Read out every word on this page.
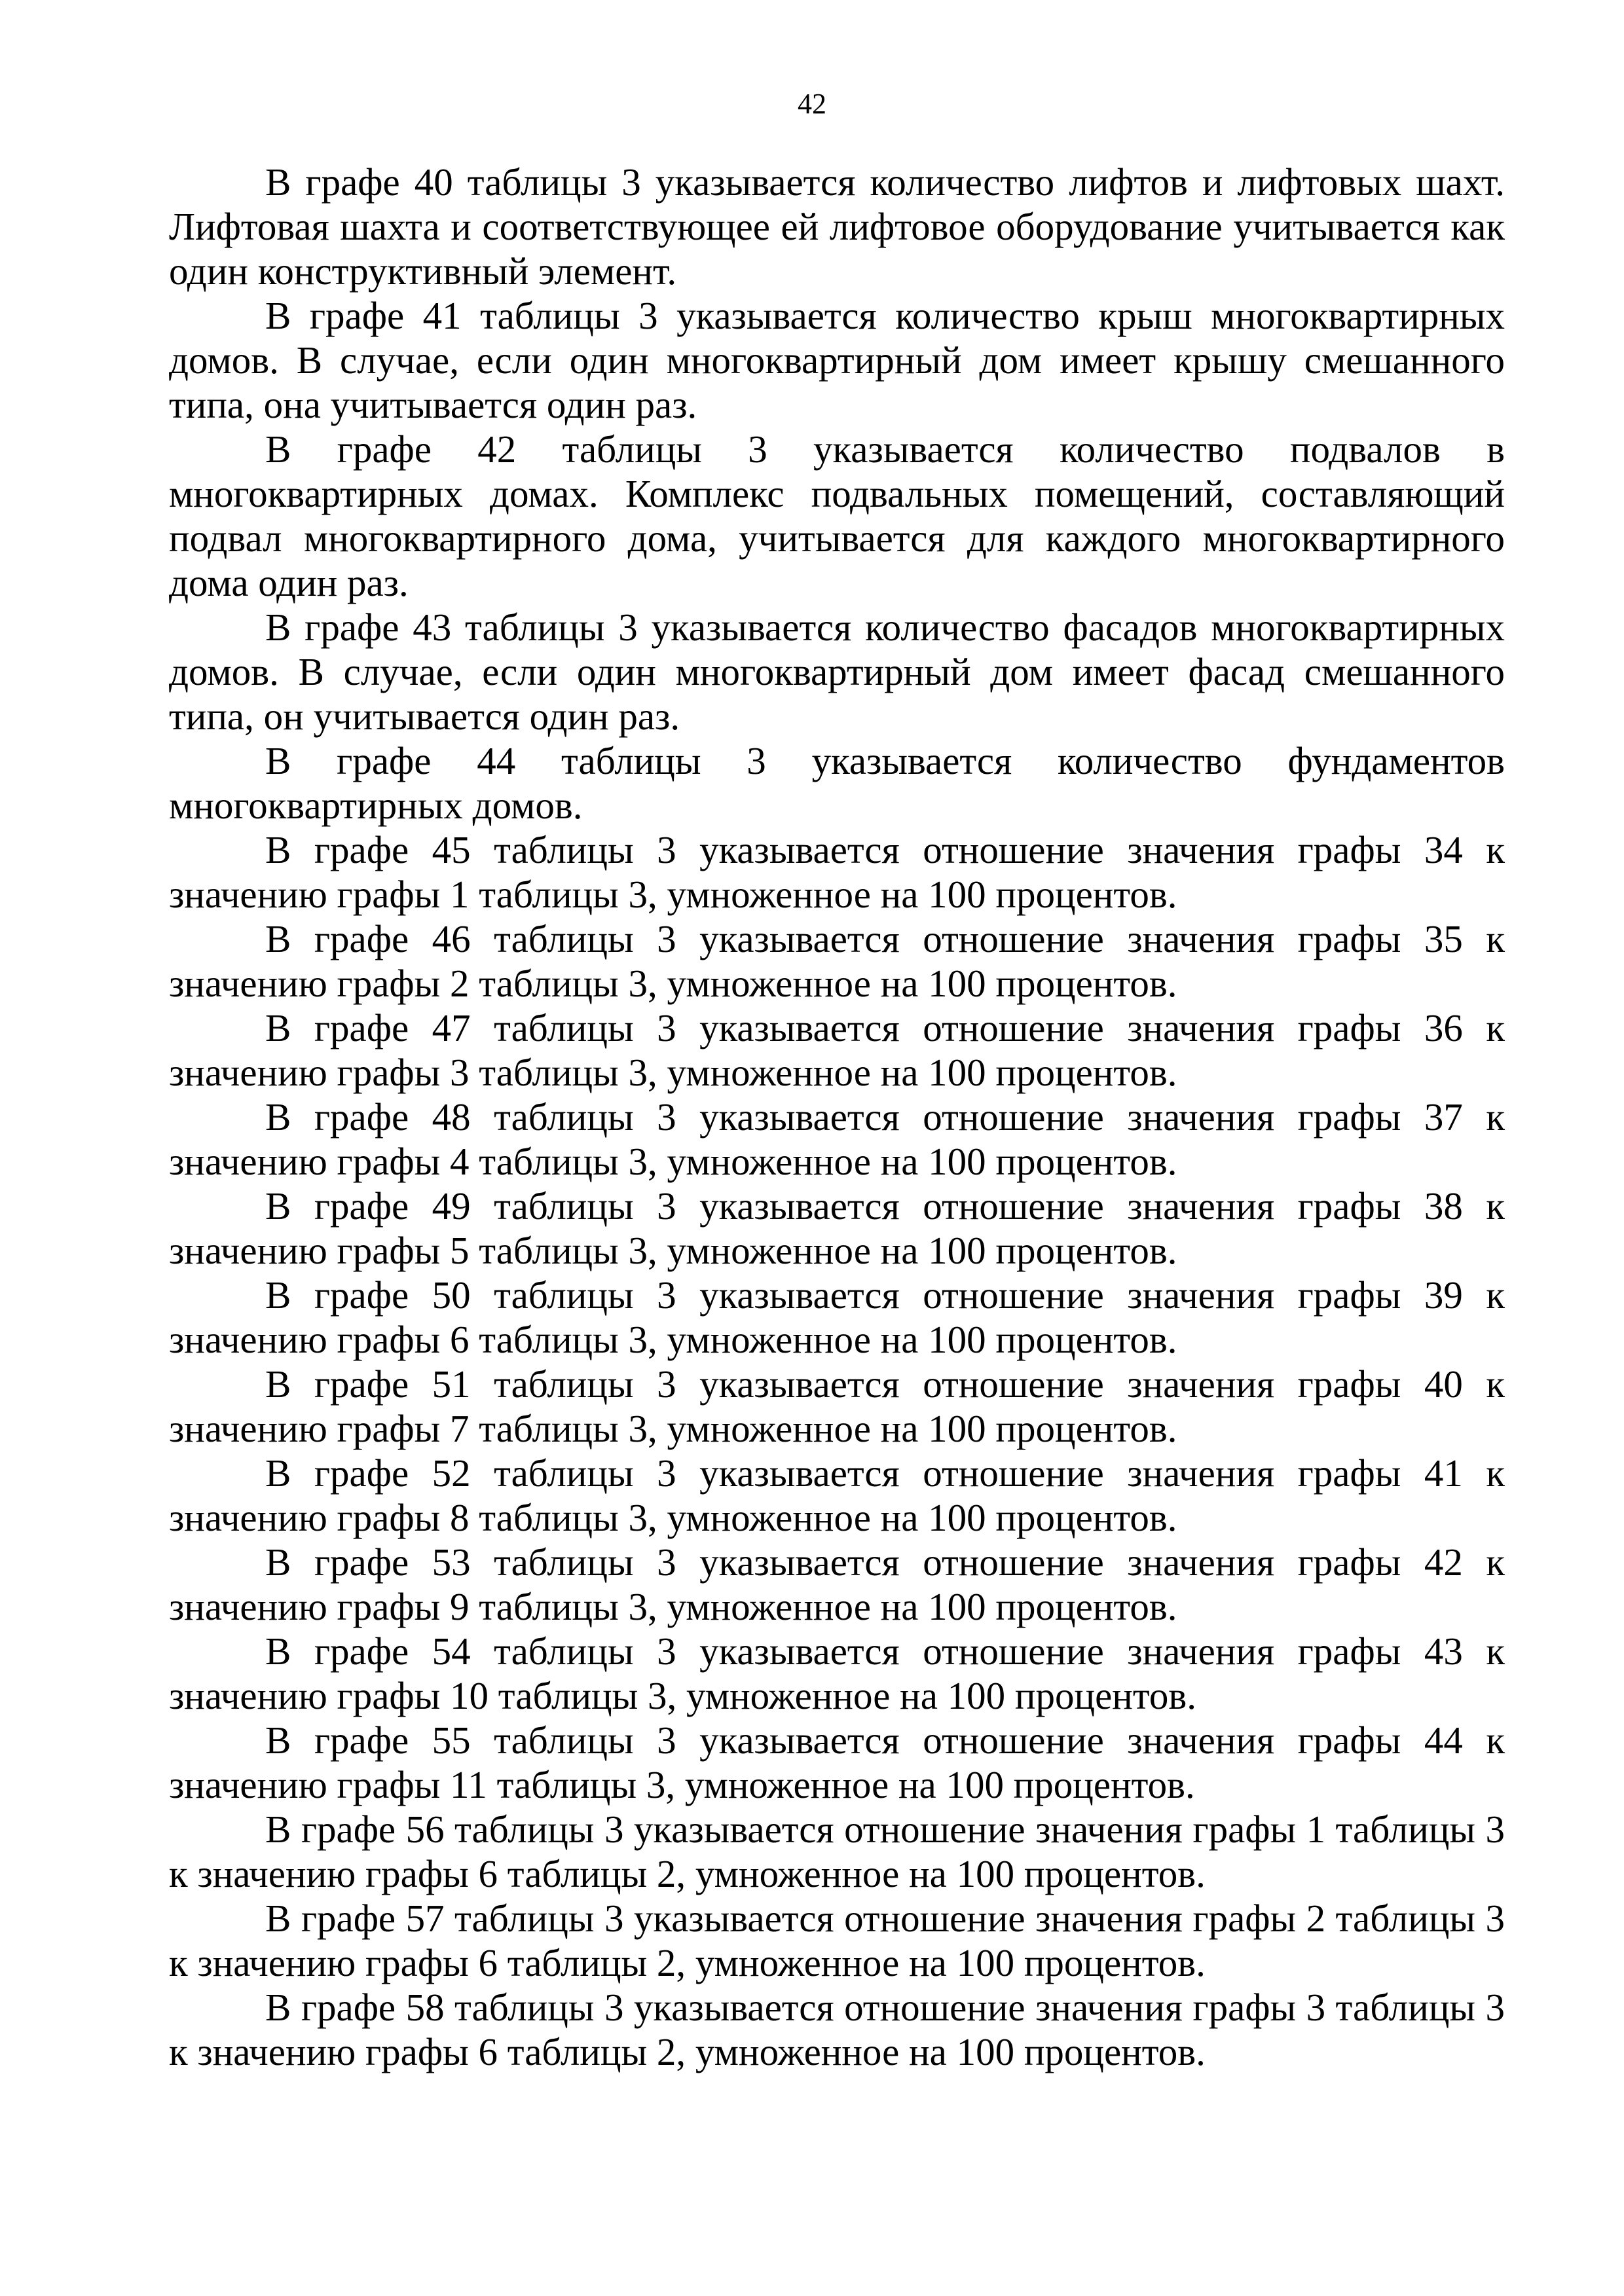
42

В графе 40 таблицы 3 указывается количество лифтов и лифтовых шахт. Лифтовая шахта и соответствующее ей лифтовое оборудование учитывается как один конструктивный элемент.

В графе 41 таблицы 3 указывается количество крыш многоквартирных домов. В случае, если один многоквартирный дом имеет крышу смешанного типа, она учитывается один раз.

В графе 42 таблицы 3 указывается количество подвалов в многоквартирных домах. Комплекс подвальных помещений, составляющий подвал многоквартирного дома, учитывается для каждого многоквартирного дома один раз.

В графе 43 таблицы 3 указывается количество фасадов многоквартирных домов. В случае, если один многоквартирный дом имеет фасад смешанного типа, он учитывается один раз.

В графе 44 таблицы 3 указывается количество фундаментов многоквартирных домов.

В графе 45 таблицы 3 указывается отношение значения графы 34 к значению графы 1 таблицы 3, умноженное на 100 процентов.

В графе 46 таблицы 3 указывается отношение значения графы 35 к значению графы 2 таблицы 3, умноженное на 100 процентов.

В графе 47 таблицы 3 указывается отношение значения графы 36 к значению графы 3 таблицы 3, умноженное на 100 процентов.

В графе 48 таблицы 3 указывается отношение значения графы 37 к значению графы 4 таблицы 3, умноженное на 100 процентов.

В графе 49 таблицы 3 указывается отношение значения графы 38 к значению графы 5 таблицы 3, умноженное на 100 процентов.

В графе 50 таблицы 3 указывается отношение значения графы 39 к значению графы 6 таблицы 3, умноженное на 100 процентов.

В графе 51 таблицы 3 указывается отношение значения графы 40 к значению графы 7 таблицы 3, умноженное на 100 процентов.

В графе 52 таблицы 3 указывается отношение значения графы 41 к значению графы 8 таблицы 3, умноженное на 100 процентов.

В графе 53 таблицы 3 указывается отношение значения графы 42 к значению графы 9 таблицы 3, умноженное на 100 процентов.

В графе 54 таблицы 3 указывается отношение значения графы 43 к значению графы 10 таблицы 3, умноженное на 100 процентов.

В графе 55 таблицы 3 указывается отношение значения графы 44 к значению графы 11 таблицы 3, умноженное на 100 процентов.

В графе 56 таблицы 3 указывается отношение значения графы 1 таблицы 3 к значению графы 6 таблицы 2, умноженное на 100 процентов.

В графе 57 таблицы 3 указывается отношение значения графы 2 таблицы 3 к значению графы 6 таблицы 2, умноженное на 100 процентов.

В графе 58 таблицы 3 указывается отношение значения графы 3 таблицы 3 к значению графы 6 таблицы 2, умноженное на 100 процентов.
